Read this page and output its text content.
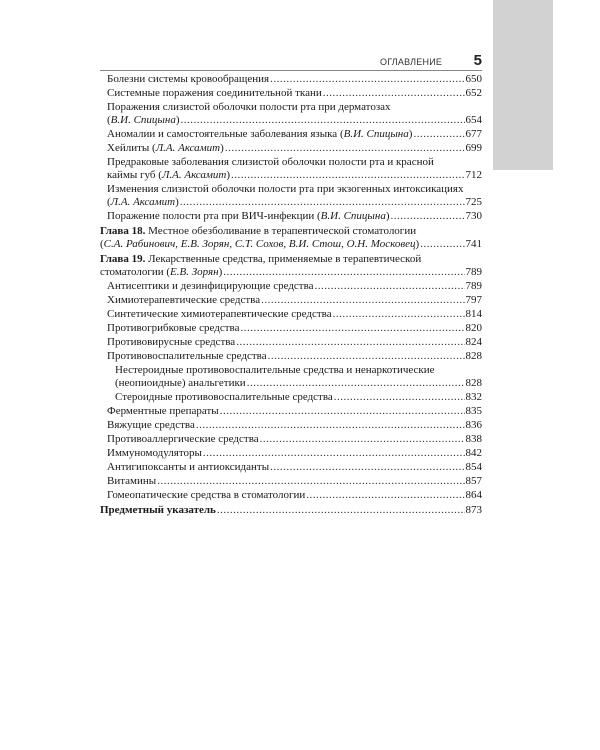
ОГЛАВЛЕНИЕ 5
Болезни системы кровообращения .....	650
Системные поражения соединительной ткани .....	652
Поражения слизистой оболочки полости рта при дерматозах
(В.И. Спицына) .....	654
Аномалии и самостоятельные заболевания языка (В.И. Спицына) .....	677
Хейлиты (Л.А. Аксамит) .....	699
Предраковые заболевания слизистой оболочки полости рта и красной
каймы губ (Л.А. Аксамит) .....	712
Изменения слизистой оболочки полости рта при экзогенных интоксикациях
(Л.А. Аксамит) .....	725
Поражение полости рта при ВИЧ-инфекции (В.И. Спицына) .....	730
Глава 18. Местное обезболивание в терапевтической стоматологии
(С.А. Рабинович, Е.В. Зорян, С.Т. Сохов, В.И. Стош, О.Н. Московец) .....	741
Глава 19. Лекарственные средства, применяемые в терапевтической
стоматологии (Е.В. Зорян) .....	789
Антисептики и дезинфицирующие средства .....	789
Химиотерапевтические средства .....	797
Синтетические химиотерапевтические средства .....	814
Противогрибковые средства .....	820
Противовирусные средства .....	824
Противовоспалительные средства .....	828
Нестероидные противовоспалительные средства и ненаркотические
(неопиоидные) анальгетики .....	828
Стероидные противовоспалительные средства .....	832
Ферментные препараты .....	835
Вяжущие средства .....	836
Противоаллергические средства .....	838
Иммуномодуляторы .....	842
Антигипоксанты и антиоксиданты .....	854
Витамины .....	857
Гомеопатические средства в стоматологии .....	864
Предметный указатель .....	873
